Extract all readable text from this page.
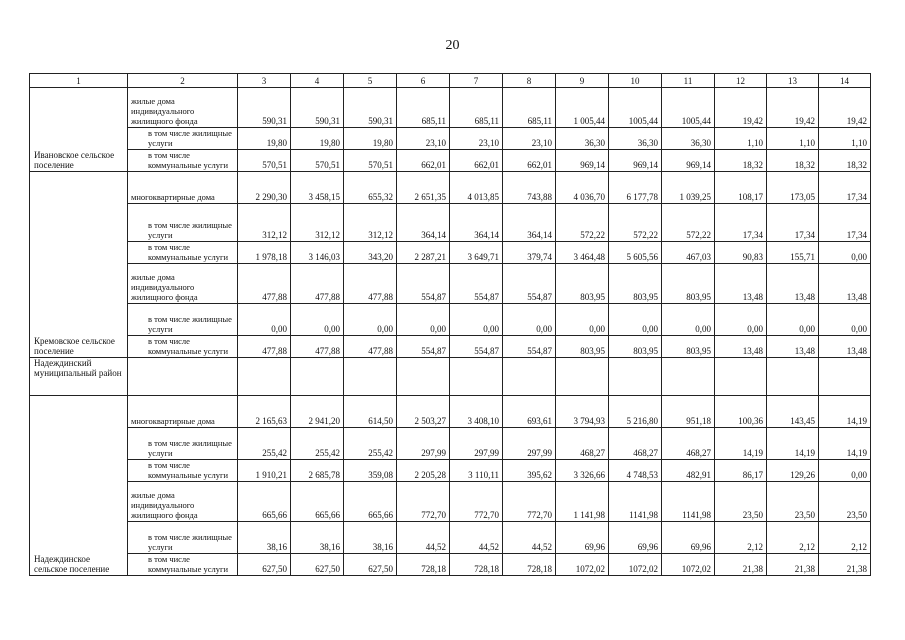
20
1	2	3	4	5	6	7	8	9	10	11	12	13	14
Ивановское сельское поселение	жилые дома индивидуального жилищного фонда	590,31	590,31	590,31	685,11	685,11	685,11	1 005,44	1005,44	1005,44	19,42	19,42	19,42
	в том числе жилищные услуги	19,80	19,80	19,80	23,10	23,10	23,10	36,30	36,30	36,30	1,10	1,10	1,10
	в том числе коммунальные услуги	570,51	570,51	570,51	662,01	662,01	662,01	969,14	969,14	969,14	18,32	18,32	18,32
Кремовское сельское поселение	многоквартирные дома	2 290,30	3 458,15	655,32	2 651,35	4 013,85	743,88	4 036,70	6 177,78	1 039,25	108,17	173,05	17,34
	в том числе жилищные услуги	312,12	312,12	312,12	364,14	364,14	364,14	572,22	572,22	572,22	17,34	17,34	17,34
	в том числе коммунальные услуги	1 978,18	3 146,03	343,20	2 287,21	3 649,71	379,74	3 464,48	5 605,56	467,03	90,83	155,71	0,00
	жилые дома индивидуального жилищного фонда	477,88	477,88	477,88	554,87	554,87	554,87	803,95	803,95	803,95	13,48	13,48	13,48
	в том числе жилищные услуги	0,00	0,00	0,00	0,00	0,00	0,00	0,00	0,00	0,00	0,00	0,00	0,00
	в том числе коммунальные услуги	477,88	477,88	477,88	554,87	554,87	554,87	803,95	803,95	803,95	13,48	13,48	13,48
Надеждинский муниципальный район													
Надеждинское сельское поселение	многоквартирные дома	2 165,63	2 941,20	614,50	2 503,27	3 408,10	693,61	3 794,93	5 216,80	951,18	100,36	143,45	14,19
	в том числе жилищные услуги	255,42	255,42	255,42	297,99	297,99	297,99	468,27	468,27	468,27	14,19	14,19	14,19
	в том числе коммунальные услуги	1 910,21	2 685,78	359,08	2 205,28	3 110,11	395,62	3 326,66	4 748,53	482,91	86,17	129,26	0,00
	жилые дома индивидуального жилищного фонда	665,66	665,66	665,66	772,70	772,70	772,70	1 141,98	1141,98	1141,98	23,50	23,50	23,50
	в том числе жилищные услуги	38,16	38,16	38,16	44,52	44,52	44,52	69,96	69,96	69,96	2,12	2,12	2,12
	в том числе коммунальные услуги	627,50	627,50	627,50	728,18	728,18	728,18	1072,02	1072,02	1072,02	21,38	21,38	21,38
